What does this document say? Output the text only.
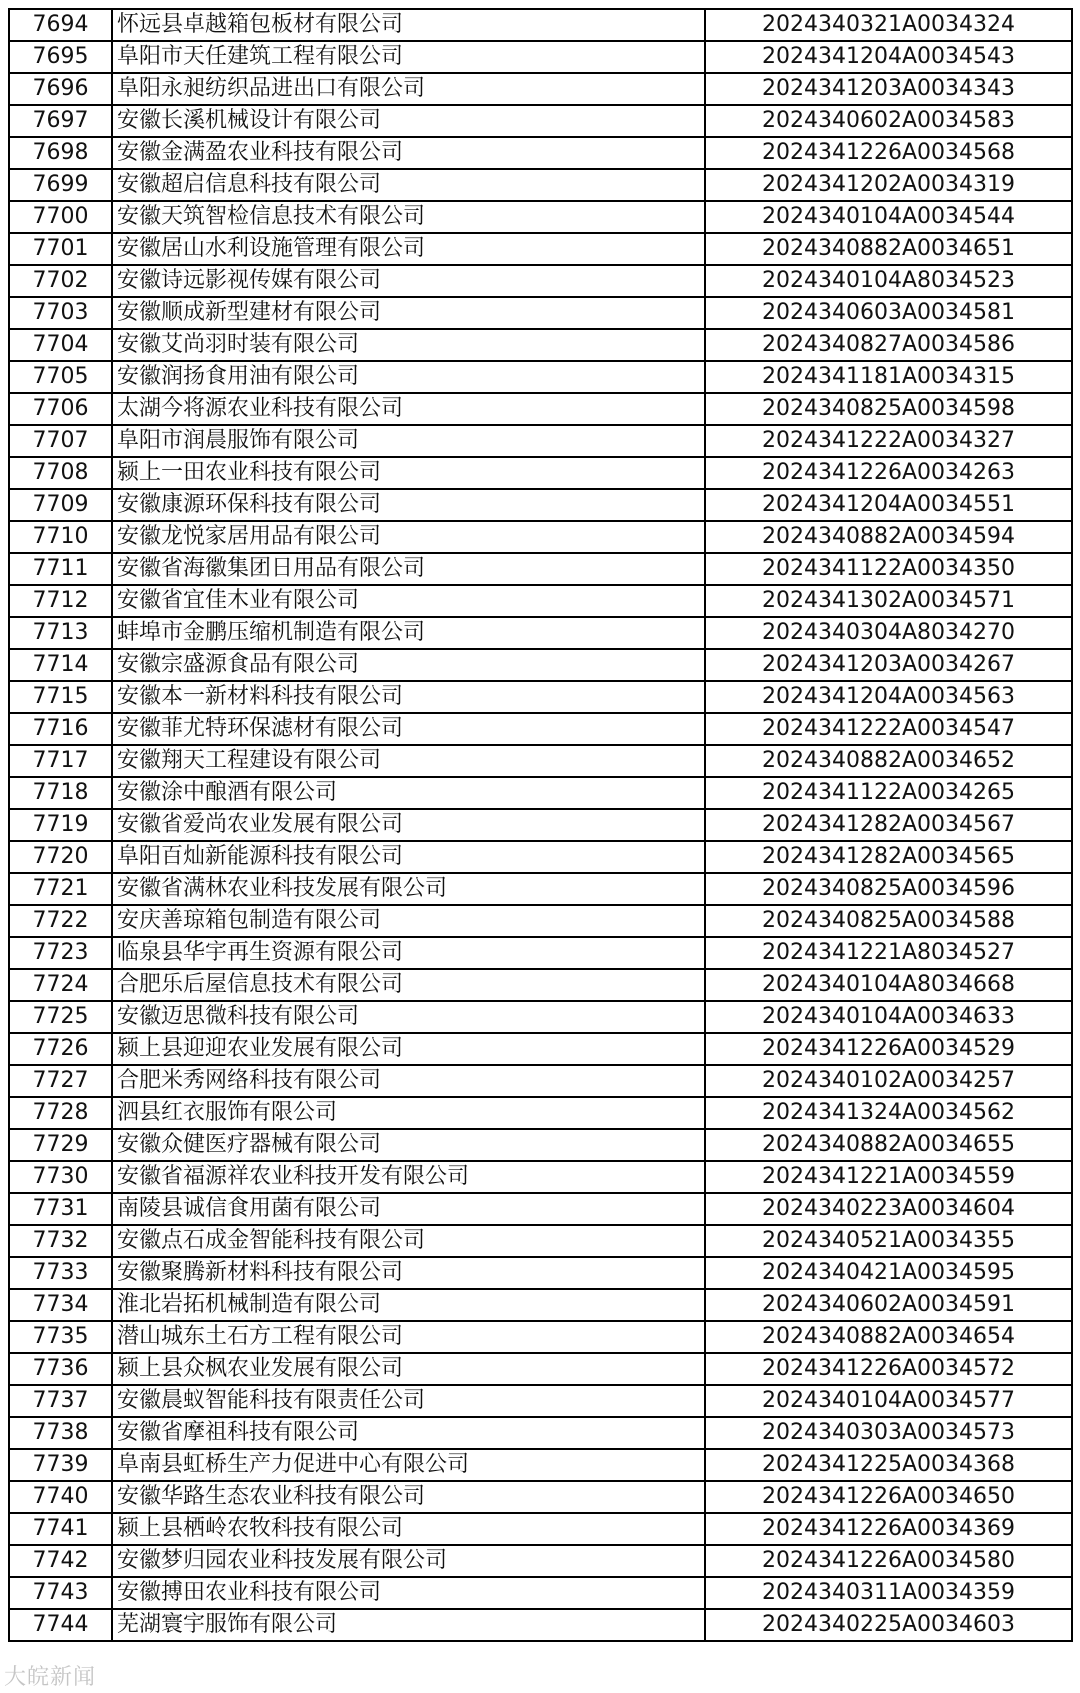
7694	怀远县卓越箱包板材有限公司	2024340321A0034324
7695	阜阳市天任建筑工程有限公司	2024341204A0034543
7696	阜阳永昶纺织品进出口有限公司	2024341203A0034343
7697	安徽长溪机械设计有限公司	2024340602A0034583
7698	安徽金满盈农业科技有限公司	2024341226A0034568
7699	安徽超启信息科技有限公司	2024341202A0034319
7700	安徽天筑智检信息技术有限公司	2024340104A0034544
7701	安徽居山水利设施管理有限公司	2024340882A0034651
7702	安徽诗远影视传媒有限公司	2024340104A8034523
7703	安徽顺成新型建材有限公司	2024340603A0034581
7704	安徽艾尚羽时装有限公司	2024340827A0034586
7705	安徽润扬食用油有限公司	2024341181A0034315
7706	太湖今将源农业科技有限公司	2024340825A0034598
7707	阜阳市润晨服饰有限公司	2024341222A0034327
7708	颍上一田农业科技有限公司	2024341226A0034263
7709	安徽康源环保科技有限公司	2024341204A0034551
7710	安徽龙悦家居用品有限公司	2024340882A0034594
7711	安徽省海徽集团日用品有限公司	2024341122A0034350
7712	安徽省宜佳木业有限公司	2024341302A0034571
7713	蚌埠市金鹏压缩机制造有限公司	2024340304A8034270
7714	安徽宗盛源食品有限公司	2024341203A0034267
7715	安徽本一新材料科技有限公司	2024341204A0034563
7716	安徽菲尤特环保滤材有限公司	2024341222A0034547
7717	安徽翔天工程建设有限公司	2024340882A0034652
7718	安徽涂中酿酒有限公司	2024341122A0034265
7719	安徽省爱尚农业发展有限公司	2024341282A0034567
7720	阜阳百灿新能源科技有限公司	2024341282A0034565
7721	安徽省满林农业科技发展有限公司	2024340825A0034596
7722	安庆善琼箱包制造有限公司	2024340825A0034588
7723	临泉县华宇再生资源有限公司	2024341221A8034527
7724	合肥乐后屋信息技术有限公司	2024340104A8034668
7725	安徽迈思微科技有限公司	2024340104A0034633
7726	颍上县迎迎农业发展有限公司	2024341226A0034529
7727	合肥米秀网络科技有限公司	2024340102A0034257
7728	泗县红衣服饰有限公司	2024341324A0034562
7729	安徽众健医疗器械有限公司	2024340882A0034655
7730	安徽省福源祥农业科技开发有限公司	2024341221A0034559
7731	南陵县诚信食用菌有限公司	2024340223A0034604
7732	安徽点石成金智能科技有限公司	2024340521A0034355
7733	安徽聚腾新材料科技有限公司	2024340421A0034595
7734	淮北岩拓机械制造有限公司	2024340602A0034591
7735	潜山城东土石方工程有限公司	2024340882A0034654
7736	颍上县众枫农业发展有限公司	2024341226A0034572
7737	安徽晨蚁智能科技有限责任公司	2024340104A0034577
7738	安徽省摩祖科技有限公司	2024340303A0034573
7739	阜南县虹桥生产力促进中心有限公司	2024341225A0034368
7740	安徽华路生态农业科技有限公司	2024341226A0034650
7741	颍上县栖岭农牧科技有限公司	2024341226A0034369
7742	安徽梦归园农业科技发展有限公司	2024341226A0034580
7743	安徽搏田农业科技有限公司	2024340311A0034359
7744	芜湖寰宇服饰有限公司	2024340225A0034603
大皖新闻
